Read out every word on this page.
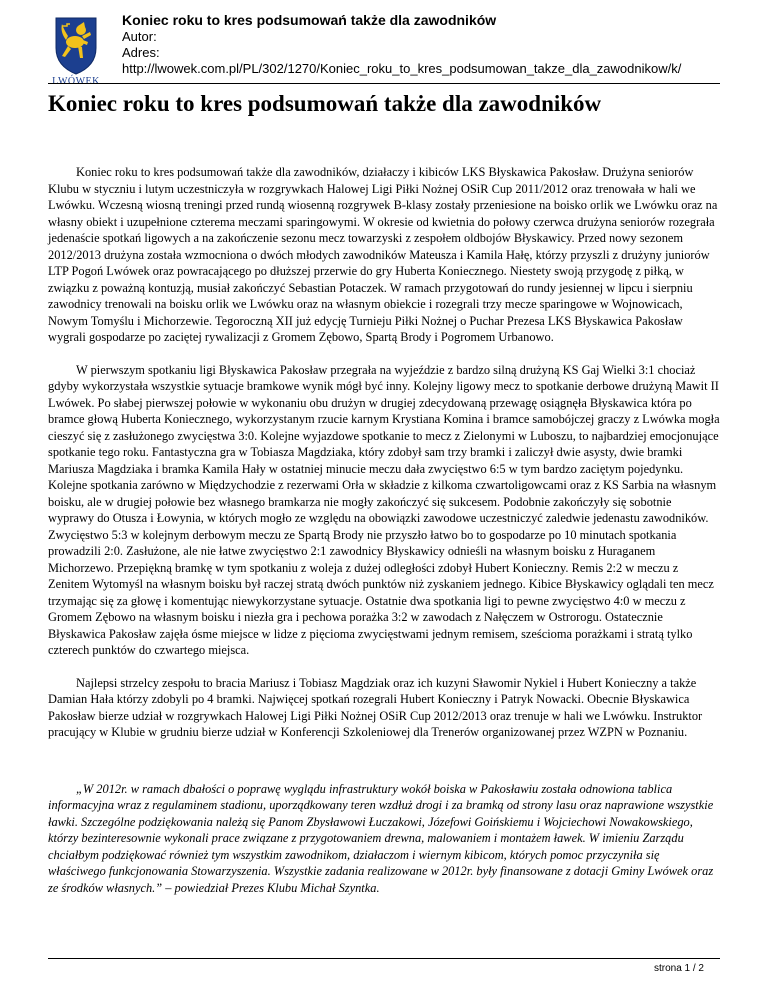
LWÓWEK
Koniec roku to kres podsumowań także dla zawodników
Autor:
Adres:
http://lwowek.com.pl/PL/302/1270/Koniec_roku_to_kres_podsumowan_takze_dla_zawodnikow/k/
Koniec roku to kres podsumowań także dla zawodników

Koniec roku to kres podsumowań także dla zawodników, działaczy i kibiców LKS Błyskawica Pakosław. Drużyna seniorów Klubu w styczniu i lutym uczestniczyła w rozgrywkach Halowej Ligi Piłki Nożnej OSiR Cup 2011/2012 oraz trenowała w hali we Lwówku. Wczesną wiosną treningi przed rundą wiosenną rozgrywek B-klasy zostały przeniesione na boisko orlik we Lwówku oraz na własny obiekt i uzupełnione czterema meczami sparingowymi. W okresie od kwietnia do połowy czerwca drużyna seniorów rozegrała jedenaście spotkań ligowych a na zakończenie sezonu mecz towarzyski z zespołem oldbojów Błyskawicy. Przed nowy sezonem 2012/2013 drużyna została wzmocniona o dwóch młodych zawodników Mateusza i Kamila Hałę, którzy przyszli z drużyny juniorów LTP Pogoń Lwówek oraz powracającego po dłuższej przerwie do gry Huberta Koniecznego. Niestety swoją przygodę z piłką, w związku z poważną kontuzją, musiał zakończyć Sebastian Potaczek. W ramach przygotowań do rundy jesiennej w lipcu i sierpniu zawodnicy trenowali na boisku orlik we Lwówku oraz na własnym obiekcie i rozegrali trzy mecze sparingowe w Wojnowicach, Nowym Tomyślu i Michorzewie. Tegoroczną XII już edycję Turnieju Piłki Nożnej o Puchar Prezesa LKS Błyskawica Pakosław wygrali gospodarze po zaciętej rywalizacji z Gromem Zębowo, Spartą Brody i Pogromem Urbanowo.

W pierwszym spotkaniu ligi Błyskawica Pakosław przegrała na wyjeździe z bardzo silną drużyną KS Gaj Wielki 3:1 chociaż gdyby wykorzystała wszystkie sytuacje bramkowe wynik mógł być inny. Kolejny ligowy mecz to spotkanie derbowe drużyną Mawit II Lwówek. Po słabej pierwszej połowie w wykonaniu obu drużyn w drugiej zdecydowaną przewagę osiągnęła Błyskawica która po bramce głową Huberta Koniecznego, wykorzystanym rzucie karnym Krystiana Komina i bramce samobójczej graczy z Lwówka mogła cieszyć się z zasłużonego zwycięstwa 3:0. Kolejne wyjazdowe spotkanie to mecz z Zielonymi w Luboszu, to najbardziej emocjonujące spotkanie tego roku. Fantastyczna gra w Tobiasza Magdziaka, który zdobył sam trzy bramki i zaliczył dwie asysty, dwie bramki Mariusza Magdziaka i bramka Kamila Hały w ostatniej minucie meczu dała zwycięstwo 6:5 w tym bardzo zaciętym pojedynku. Kolejne spotkania zarówno w Międzychodzie z rezerwami Orła w składzie z kilkoma czwartoligowcami oraz z KS Sarbia na własnym boisku, ale w drugiej połowie bez własnego bramkarza nie mogły zakończyć się sukcesem. Podobnie zakończyły się sobotnie wyprawy do Otusza i Łowynia, w których mogło ze względu na obowiązki zawodowe uczestniczyć zaledwie jedenastu zawodników. Zwycięstwo 5:3 w kolejnym derbowym meczu ze Spartą Brody nie przyszło łatwo bo to gospodarze po 10 minutach spotkania prowadzili 2:0. Zasłużone, ale nie łatwe zwycięstwo 2:1 zawodnicy Błyskawicy odnieśli na własnym boisku z Huraganem Michorzewo. Przepiękną bramkę w tym spotkaniu z woleja z dużej odległości zdobył Hubert Konieczny. Remis 2:2 w meczu z Zenitem Wytomyśl na własnym boisku był raczej stratą dwóch punktów niż zyskaniem jednego. Kibice Błyskawicy oglądali ten mecz trzymając się za głowę i komentując niewykorzystane sytuacje. Ostatnie dwa spotkania ligi to pewne zwycięstwo 4:0 w meczu z Gromem Zębowo na własnym boisku i niezła gra i pechowa porażka 3:2 w zawodach z Nałęczem w Ostrorogu. Ostatecznie Błyskawica Pakosław zajęła ósme miejsce w lidze z pięcioma zwycięstwami jednym remisem, sześcioma porażkami i stratą tylko czterech punktów do czwartego miejsca.

Najlepsi strzelcy zespołu to bracia Mariusz i Tobiasz Magdziak oraz ich kuzyni Sławomir Nykiel i Hubert Konieczny a także Damian Hała którzy zdobyli po 4 bramki. Najwięcej spotkań rozegrali Hubert Konieczny i Patryk Nowacki. Obecnie Błyskawica Pakosław bierze udział w rozgrywkach Halowej Ligi Piłki Nożnej OSiR Cup 2012/2013 oraz trenuje w hali we Lwówku. Instruktor pracujący w Klubie w grudniu bierze udział w Konferencji Szkoleniowej dla Trenerów organizowanej przez WZPN w Poznaniu.

„W 2012r. w ramach dbałości o poprawę wyglądu infrastruktury wokół boiska w Pakosławiu została odnowiona tablica informacyjna wraz z regulaminem stadionu, uporządkowany teren wzdłuż drogi i za bramką od strony lasu oraz naprawione wszystkie ławki. Szczególne podziękowania należą się Panom Zbysławowi Łuczakowi, Józefowi Goińskiemu i Wojciechowi Nowakowskiego, którzy bezinteresownie wykonali prace związane z przygotowaniem drewna, malowaniem i montażem ławek. W imieniu Zarządu chciałbym podziękować również tym wszystkim zawodnikom, działaczom i wiernym kibicom, których pomoc przyczyniła się właściwego funkcjonowania Stowarzyszenia. Wszystkie zadania realizowane w 2012r. były finansowane z dotacji Gminy Lwówek oraz ze środków własnych.” – powiedział Prezes Klubu Michał Szyntka.

strona 1 / 2
